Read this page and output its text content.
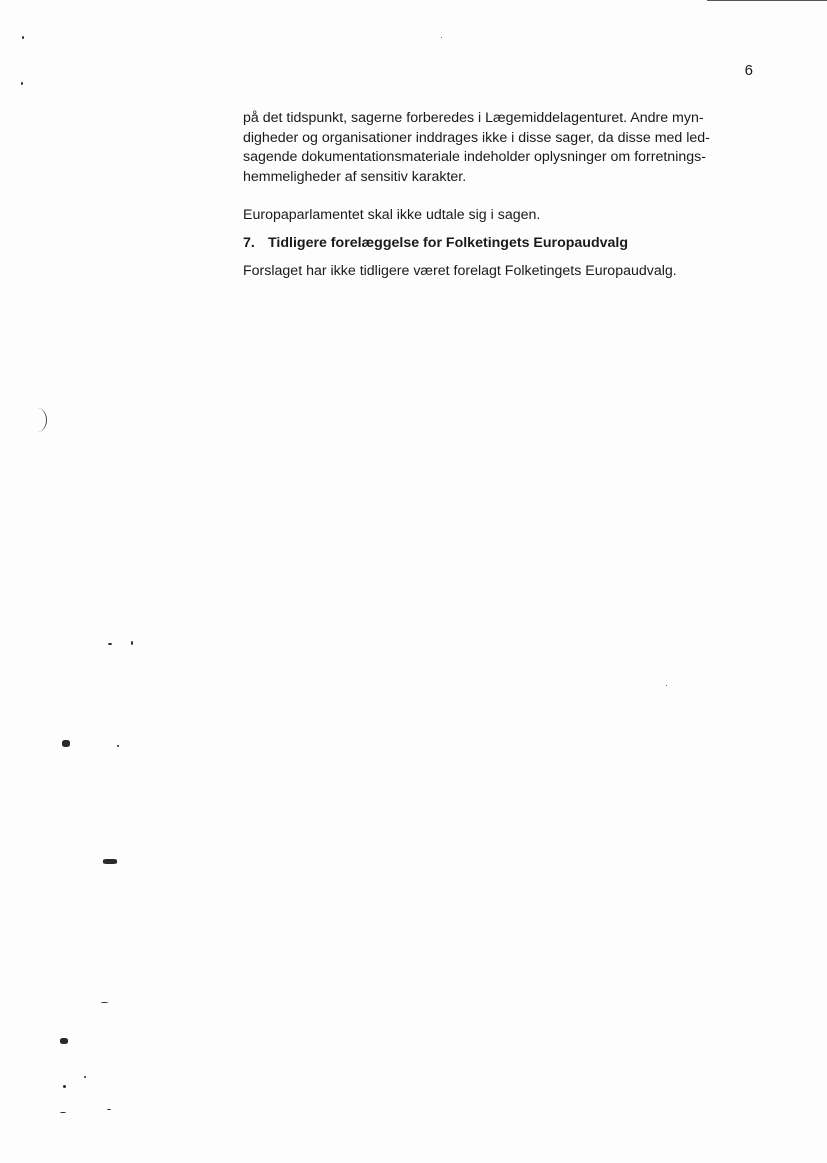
6

på det tidspunkt, sagerne forberedes i Lægemiddelagenturet. Andre myn-

digheder og organisationer inddrages ikke i disse sager, da disse med led-

sagende dokumentationsmateriale indeholder oplysninger om forretnings-

hemmeligheder af sensitiv karakter.

Europaparlamentet skal ikke udtale sig i sagen.

7. Tidligere forelæggelse for Folketingets Europaudvalg

Forslaget har ikke tidligere været forelagt Folketingets Europaudvalg.
